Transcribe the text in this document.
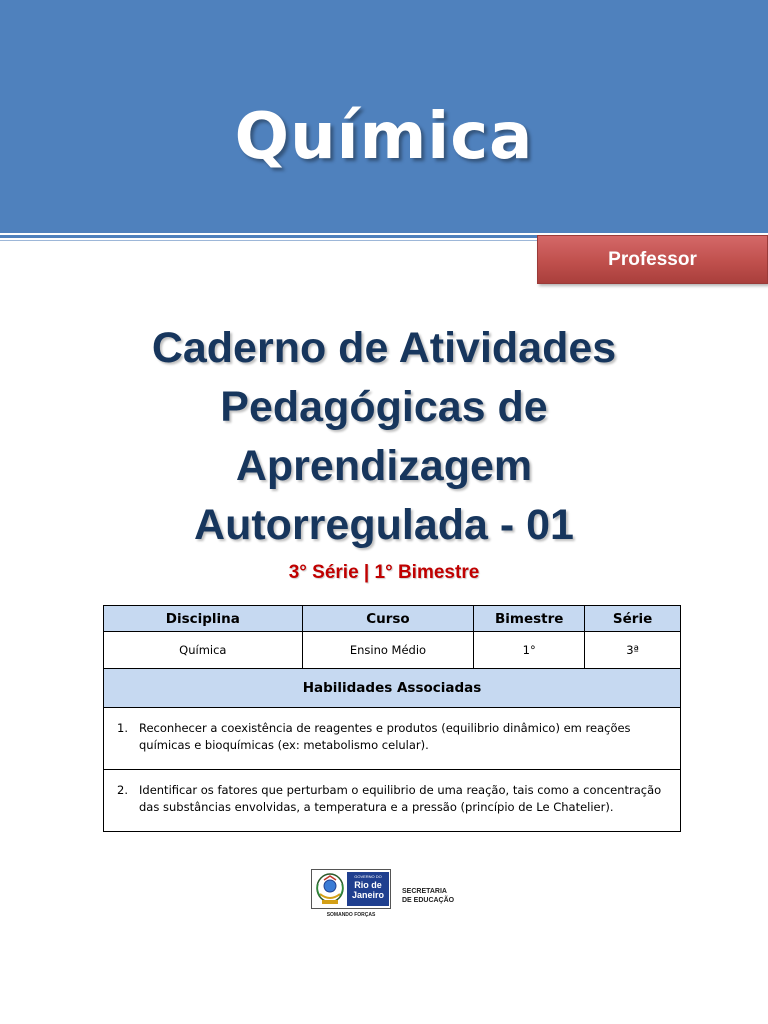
Química
Professor
Caderno de Atividades
Pedagógicas de
Aprendizagem
Autorregulada - 01
3° Série | 1° Bimestre
Disciplina	Curso	Bimestre	Série
Química	Ensino Médio	1°	3ª
Habilidades Associadas			

1. Reconhecer a coexistência de reagentes e produtos (equilibrio dinâmico) em reações químicas e bioquímicas (ex: metabolismo celular).			

2. Identificar os fatores que perturbam o equilibrio de uma reação, tais como a concentração das substâncias envolvidas, a temperatura e a pressão (princípio de Le Chatelier).			
GOVERNO DO
Rio de
Janeiro
SOMANDO FORÇAS
SECRETARIA
DE EDUCAÇÃO
